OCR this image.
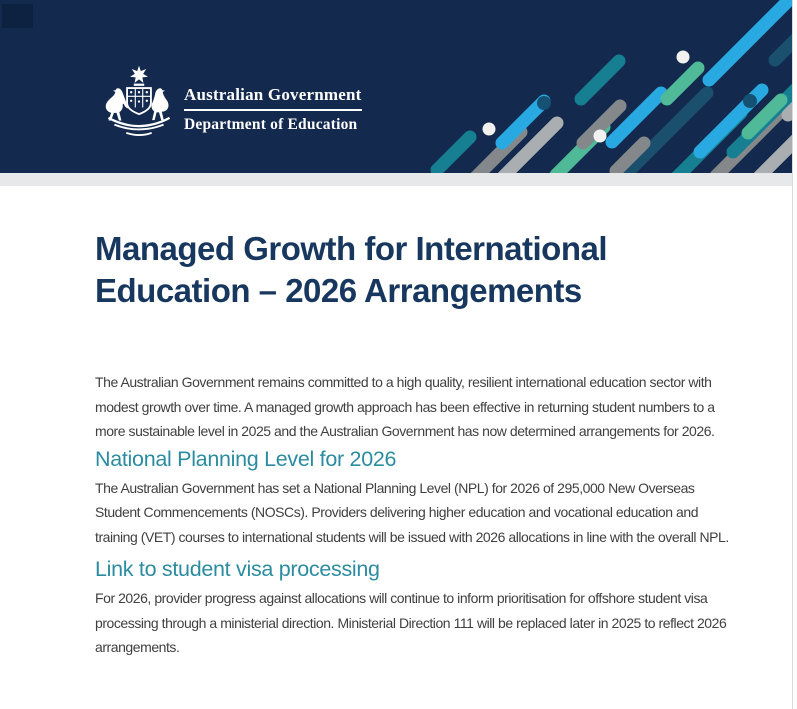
Australian Government
Department of Education
Managed Growth for International Education – 2026 Arrangements

The Australian Government remains committed to a high quality, resilient international education sector with modest growth over time. A managed growth approach has been effective in returning student numbers to a more sustainable level in 2025 and the Australian Government has now determined arrangements for 2026.

National Planning Level for 2026

The Australian Government has set a National Planning Level (NPL) for 2026 of 295,000 New Overseas Student Commencements (NOSCs). Providers delivering higher education and vocational education and training (VET) courses to international students will be issued with 2026 allocations in line with the overall NPL.

Link to student visa processing

For 2026, provider progress against allocations will continue to inform prioritisation for offshore student visa processing through a ministerial direction. Ministerial Direction 111 will be replaced later in 2025 to reflect 2026 arrangements.
